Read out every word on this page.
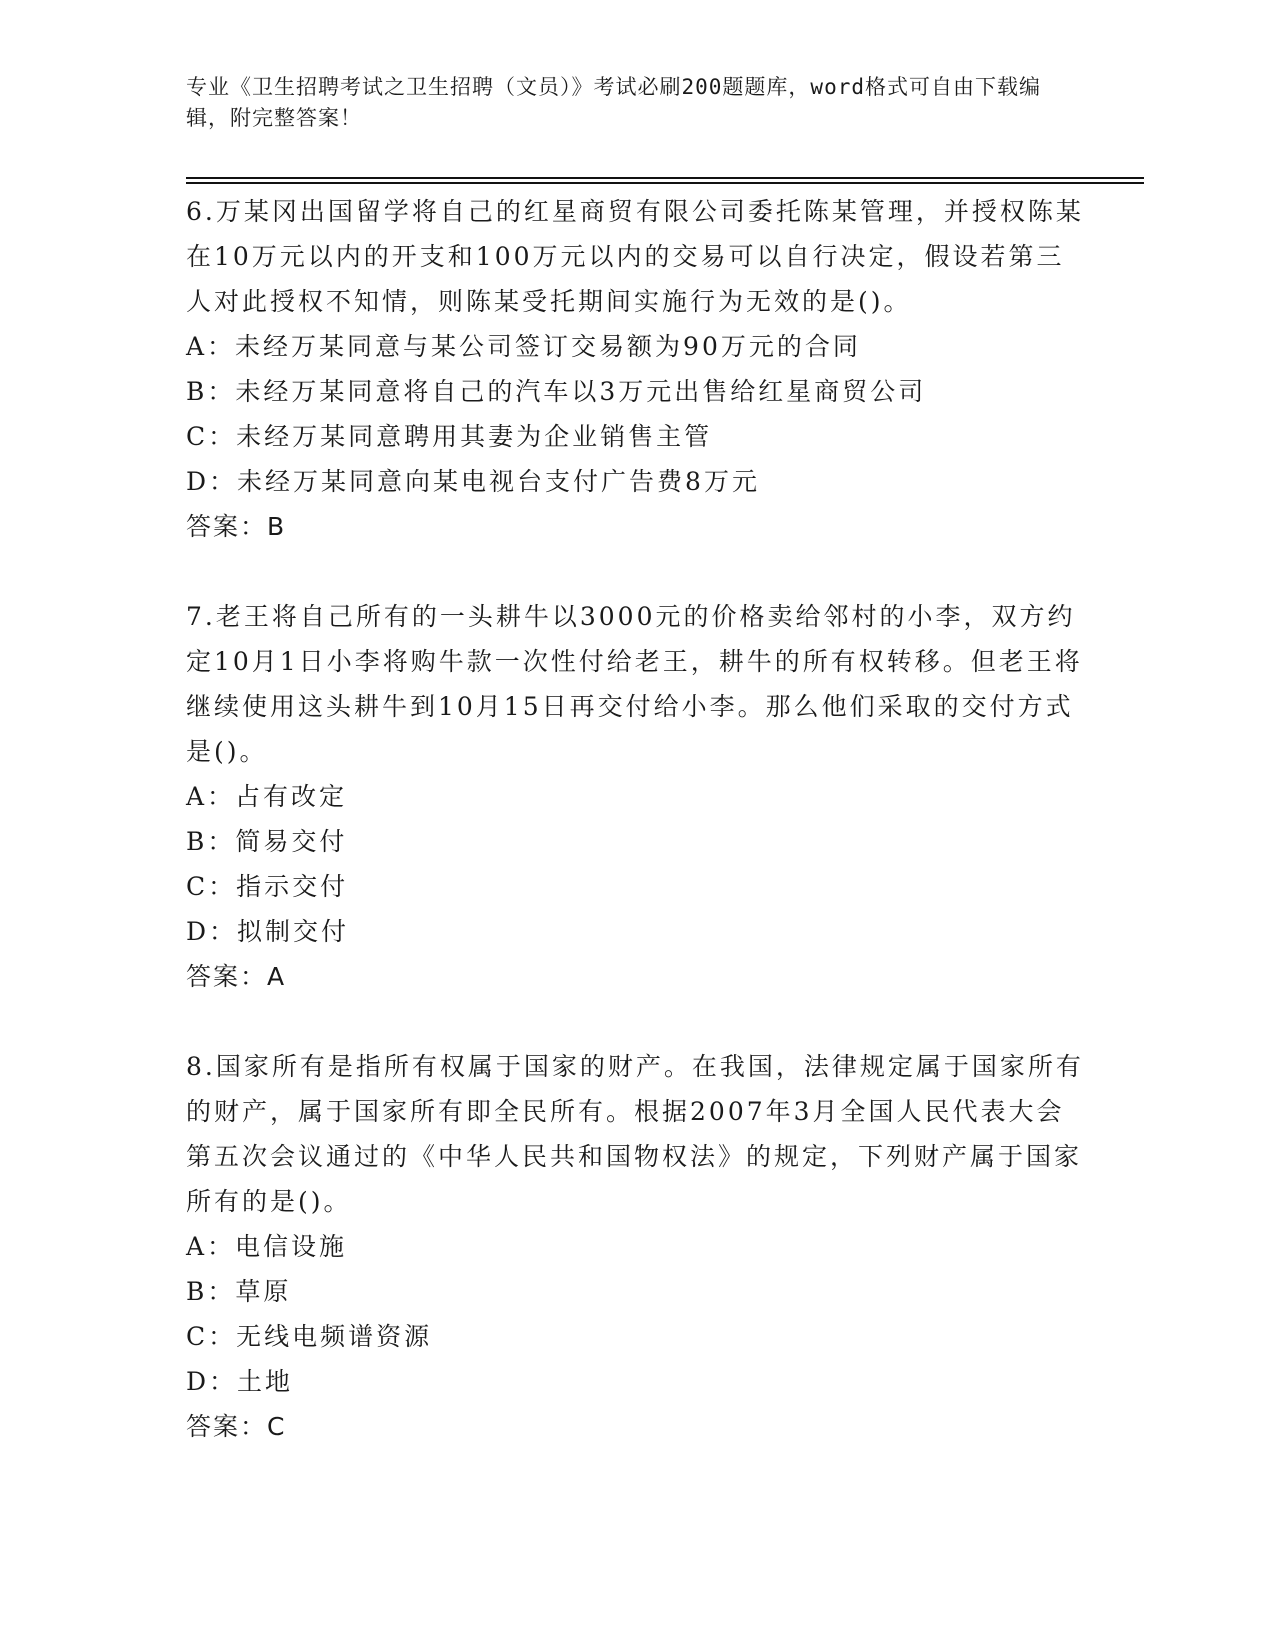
专业《卫生招聘考试之卫生招聘（文员）》考试必刷200题题库，word格式可自由下载编辑，附完整答案！

6.万某冈出国留学将自己的红星商贸有限公司委托陈某管理，并授权陈某在10万元以内的开支和100万元以内的交易可以自行决定，假设若第三人对此授权不知情，则陈某受托期间实施行为无效的是()。

A：未经万某同意与某公司签订交易额为90万元的合同

B：未经万某同意将自己的汽车以3万元出售给红星商贸公司

C：未经万某同意聘用其妻为企业销售主管

D：未经万某同意向某电视台支付广告费8万元

答案：B

7.老王将自己所有的一头耕牛以3000元的价格卖给邻村的小李，双方约定10月1日小李将购牛款一次性付给老王，耕牛的所有权转移。但老王将继续使用这头耕牛到10月15日再交付给小李。那么他们采取的交付方式是()。

A：占有改定

B：简易交付

C：指示交付

D：拟制交付

答案：A

8.国家所有是指所有权属于国家的财产。在我国，法律规定属于国家所有的财产，属于国家所有即全民所有。根据2007年3月全国人民代表大会第五次会议通过的《中华人民共和国物权法》的规定，下列财产属于国家所有的是()。

A：电信设施

B：草原

C：无线电频谱资源

D：土地

答案：C
